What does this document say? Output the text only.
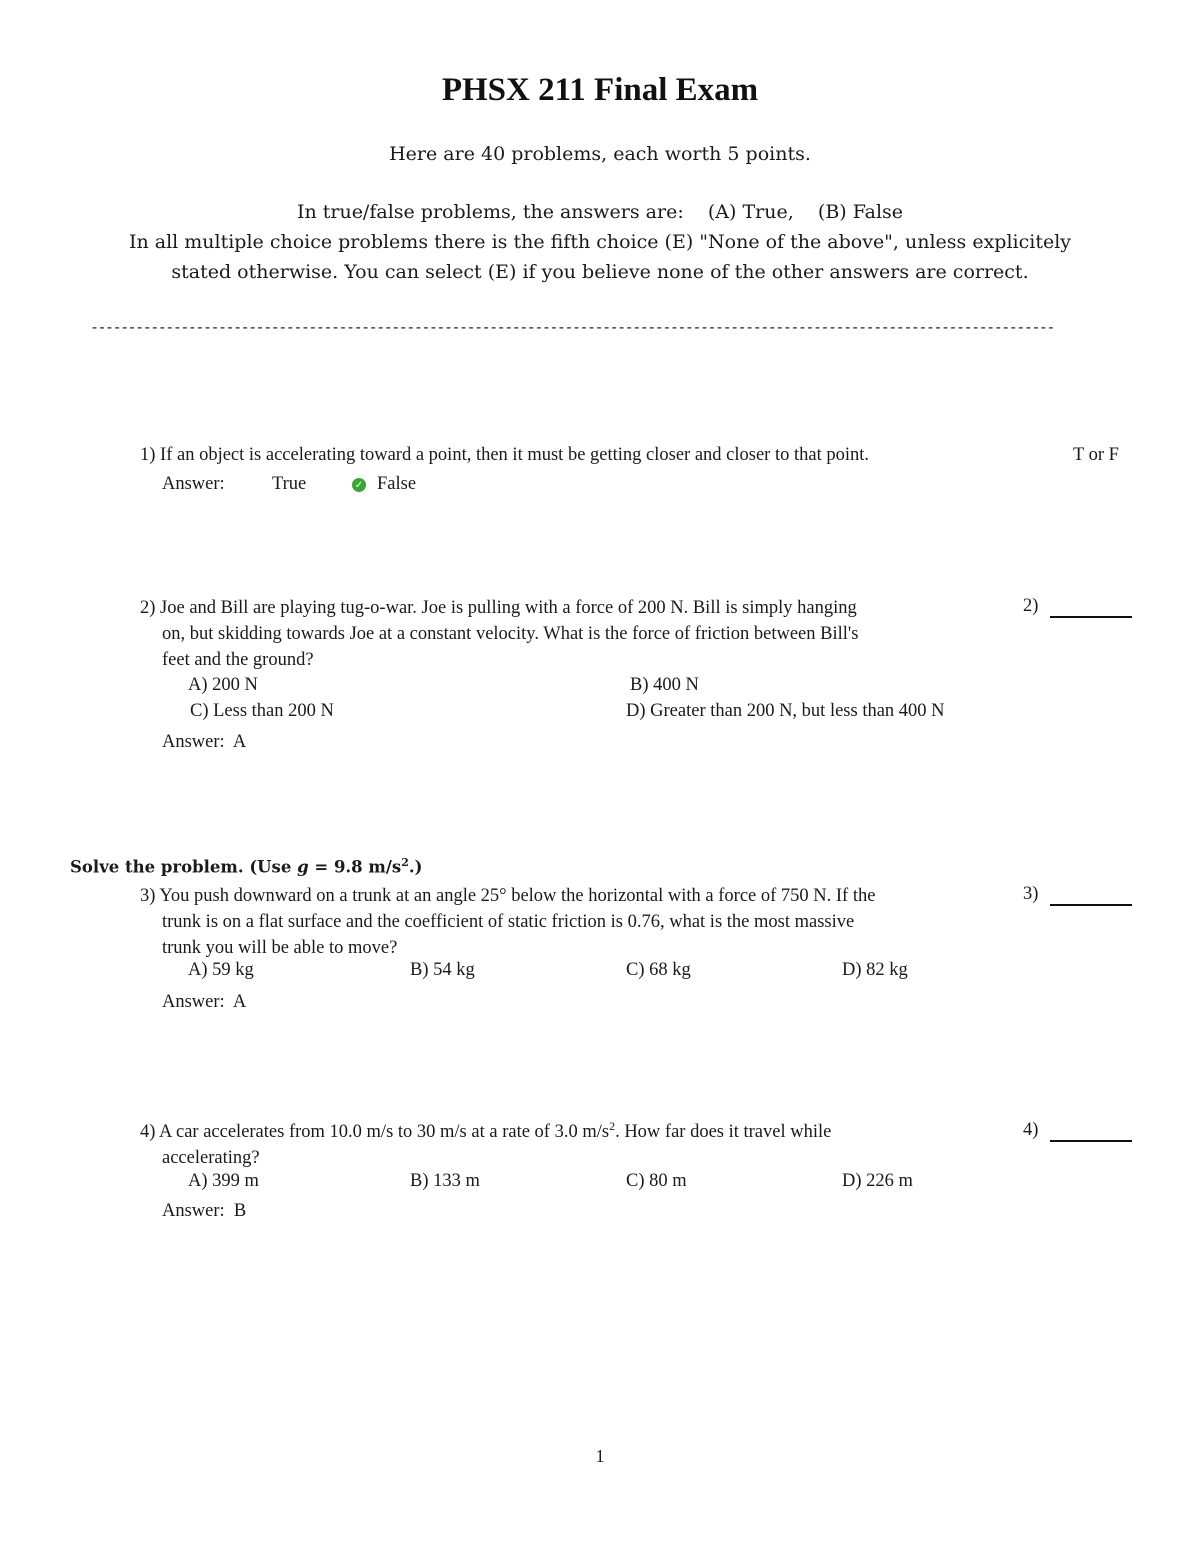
PHSX 211 Final Exam
Here are 40 problems, each worth 5 points.
In true/false problems, the answers are:    (A) True,    (B) False
In all multiple choice problems there is the fifth choice (E) "None of the above", unless explicitely
stated otherwise. You can select (E) if you believe none of the other answers are correct.
--------------------------------------------------------------------------------------------------------------------------------
1) If an object is accelerating toward a point, then it must be getting closer and closer to that point.	T or F
Answer:	True	✓ False
2) Joe and Bill are playing tug-o-war. Joe is pulling with a force of 200 N. Bill is simply hanging
on, but skidding towards Joe at a constant velocity. What is the force of friction between Bill's
feet and the ground?
2)
A) 200 N	B) 400 N
C) Less than 200 N	D) Greater than 200 N, but less than 400 N
Answer:  A
Solve the problem. (Use g = 9.8 $m/s^2$.)
3) You push downward on a trunk at an angle 25° below the horizontal with a force of 750 N. If the
trunk is on a flat surface and the coefficient of static friction is 0.76, what is the most massive
trunk you will be able to move?
3)
A) 59 kg	B) 54 kg	C) 68 kg	D) 82 kg
Answer:  A
4) A car accelerates from 10.0 m/s to 30 m/s at a rate of 3.0 $m/s^2$. How far does it travel while
accelerating?
4)
A) 399 m	B) 133 m	C) 80 m	D) 226 m
Answer:  B
1
